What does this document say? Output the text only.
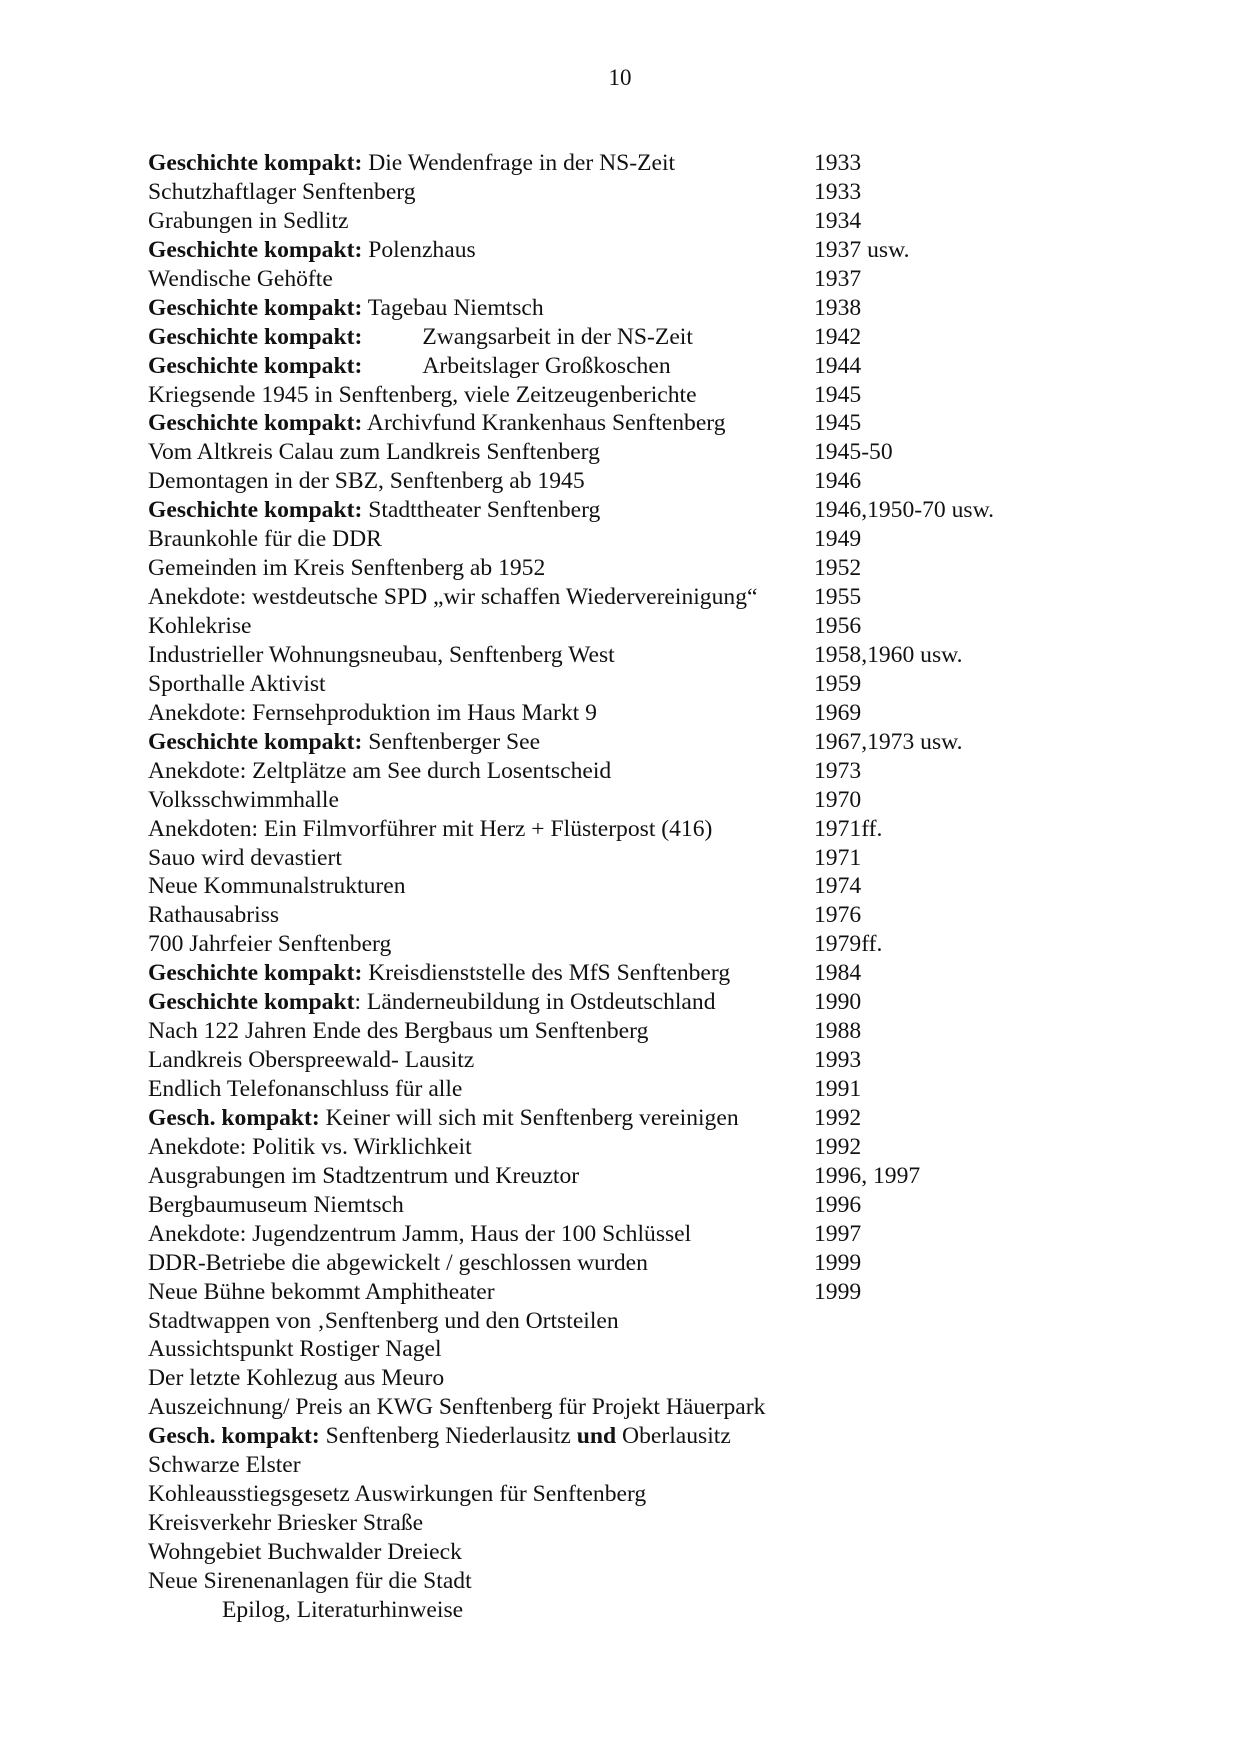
10
Geschichte kompakt: Die Wendenfrage in der NS-Zeit	1933
Schutzhaftlager Senftenberg	1933
Grabungen in Sedlitz	1934
Geschichte kompakt: Polenzhaus	1937 usw.
Wendische Gehöfte	1937
Geschichte kompakt: Tagebau Niemtsch	1938
Geschichte kompakt:	Zwangsarbeit in der NS-Zeit	1942
Geschichte kompakt:	Arbeitslager Großkoschen	1944
Kriegsende 1945 in Senftenberg, viele Zeitzeugenberichte	1945
Geschichte kompakt: Archivfund Krankenhaus Senftenberg	1945
Vom Altkreis Calau zum Landkreis Senftenberg	1945-50
Demontagen in der SBZ, Senftenberg ab 1945	1946
Geschichte kompakt: Stadttheater Senftenberg	1946,1950-70 usw.
Braunkohle für die DDR	1949
Gemeinden im Kreis Senftenberg ab 1952	1952
Anekdote: westdeutsche SPD „wir schaffen Wiedervereinigung“ 1955
Kohlekrise	1956
Industrieller Wohnungsneubau, Senftenberg West	1958,1960 usw.
Sporthalle Aktivist	1959
Anekdote: Fernsehproduktion im Haus Markt 9	1969
Geschichte kompakt: Senftenberger See	1967,1973 usw.
Anekdote: Zeltplätze am See durch Losentscheid	1973
Volksschwimmhalle	1970
Anekdoten: Ein Filmvorführer mit Herz + Flüsterpost (416)	1971ff.
Sauo wird devastiert	1971
Neue Kommunalstrukturen	1974
Rathausabriss	1976
700 Jahrfeier Senftenberg	1979ff.
Geschichte kompakt: Kreisdienststelle des MfS Senftenberg	1984
Geschichte kompakt: Länderneubildung in Ostdeutschland	1990
Nach 122 Jahren Ende des Bergbaus um Senftenberg	1988
Landkreis Oberspreewald- Lausitz	1993
Endlich Telefonanschluss für alle	1991
Gesch. kompakt: Keiner will sich mit Senftenberg vereinigen	1992
Anekdote: Politik vs. Wirklichkeit	1992
Ausgrabungen im Stadtzentrum und Kreuztor	1996, 1997
Bergbaumuseum Niemtsch	1996
Anekdote: Jugendzentrum Jamm, Haus der 100 Schlüssel	1997
DDR-Betriebe die abgewickelt / geschlossen wurden	1999
Neue Bühne bekommt Amphitheater	1999
Stadtwappen von ‚Senftenberg und den Ortsteilen
Aussichtspunkt Rostiger Nagel
Der letzte Kohlezug aus Meuro
Auszeichnung/ Preis an KWG Senftenberg für Projekt Häuerpark
Gesch. kompakt: Senftenberg Niederlausitz und Oberlausitz
Schwarze Elster
Kohleausstiegsgesetz Auswirkungen für Senftenberg
Kreisverkehr Briesker Straße
Wohngebiet Buchwalder Dreieck
Neue Sirenenanlagen für die Stadt
Epilog, Literaturhinweise
